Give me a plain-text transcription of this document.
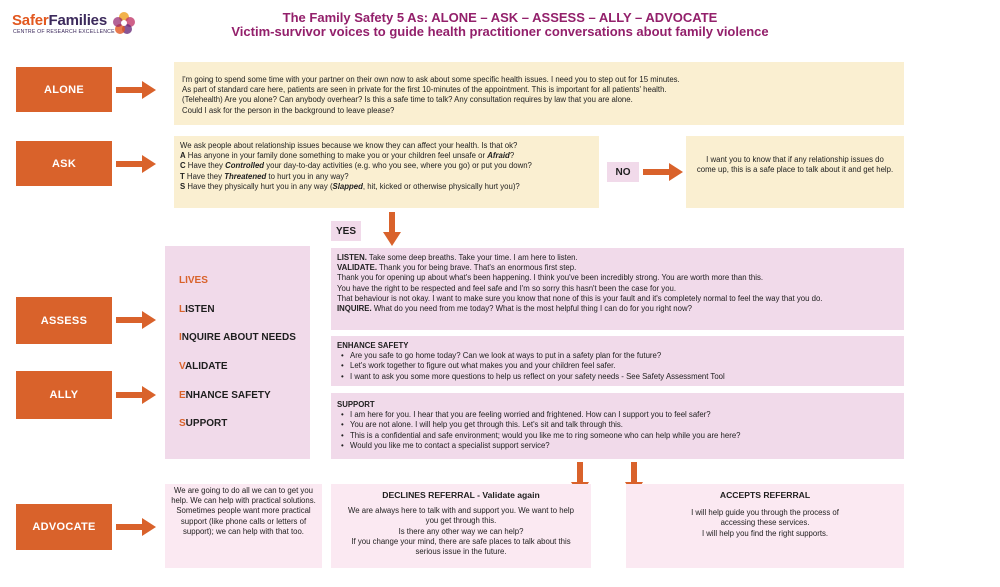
SaferFamilies
CENTRE OF RESEARCH EXCELLENCE
The Family Safety 5 As: ALONE – ASK – ASSESS – ALLY – ADVOCATE
Victim-survivor voices to guide health practitioner conversations about family violence
ALONE
I'm going to spend some time with your partner on their own now to ask about some specific health issues. I need you to step out for 15 minutes.
As part of standard care here, patients are seen in private for the first 10-minutes of the appointment. This is important for all patients' health.
(Telehealth) Are you alone? Can anybody overhear? Is this a safe time to talk? Any consultation requires by law that you are alone.
Could I ask for the person in the background to leave please?
ASK
We ask people about relationship issues because we know they can affect your health. Is that ok?
A Has anyone in your family done something to make you or your children feel unsafe or Afraid?
C Have they Controlled your day-to-day activities (e.g. who you see, where you go) or put you down?
T Have they Threatened to hurt you in any way?
S Have they physically hurt you in any way (Slapped, hit, kicked or otherwise physically hurt you)?
NO
I want you to know that if any relationship issues do come up, this is a safe place to talk about it and get help.
YES
LIVES
LISTEN
INQUIRE ABOUT NEEDS
VALIDATE
ENHANCE SAFETY
SUPPORT
ASSESS
ALLY
LISTEN. Take some deep breaths. Take your time. I am here to listen.
VALIDATE. Thank you for being brave. That's an enormous first step.
Thank you for opening up about what's been happening. I think you've been incredibly strong. You are worth more than this.
You have the right to be respected and feel safe and I'm so sorry this hasn't been the case for you.
That behaviour is not okay. I want to make sure you know that none of this is your fault and it's completely normal to feel the way that you do.
INQUIRE. What do you need from me today? What is the most helpful thing I can do for you right now?
ENHANCE SAFETY
• Are you safe to go home today? Can we look at ways to put in a safety plan for the future?
• Let's work together to figure out what makes you and your children feel safer.
• I want to ask you some more questions to help us reflect on your safety needs - See Safety Assessment Tool
SUPPORT
• I am here for you. I hear that you are feeling worried and frightened. How can I support you to feel safer?
• You are not alone. I will help you get through this. Let's sit and talk through this.
• This is a confidential and safe environment; would you like me to ring someone who can help while you are here?
• Would you like me to contact a specialist support service?
ADVOCATE
We are going to do all we can to get you help. We can help with practical solutions.
Sometimes people want more practical support (like phone calls or letters of support); we can help with that too.
DECLINES REFERRAL - Validate again
We are always here to talk with and support you. We want to help you get through this.
Is there any other way we can help?
If you change your mind, there are safe places to talk about this serious issue in the future.
ACCEPTS REFERRAL
I will help guide you through the process of accessing these services.
I will help you find the right supports.
